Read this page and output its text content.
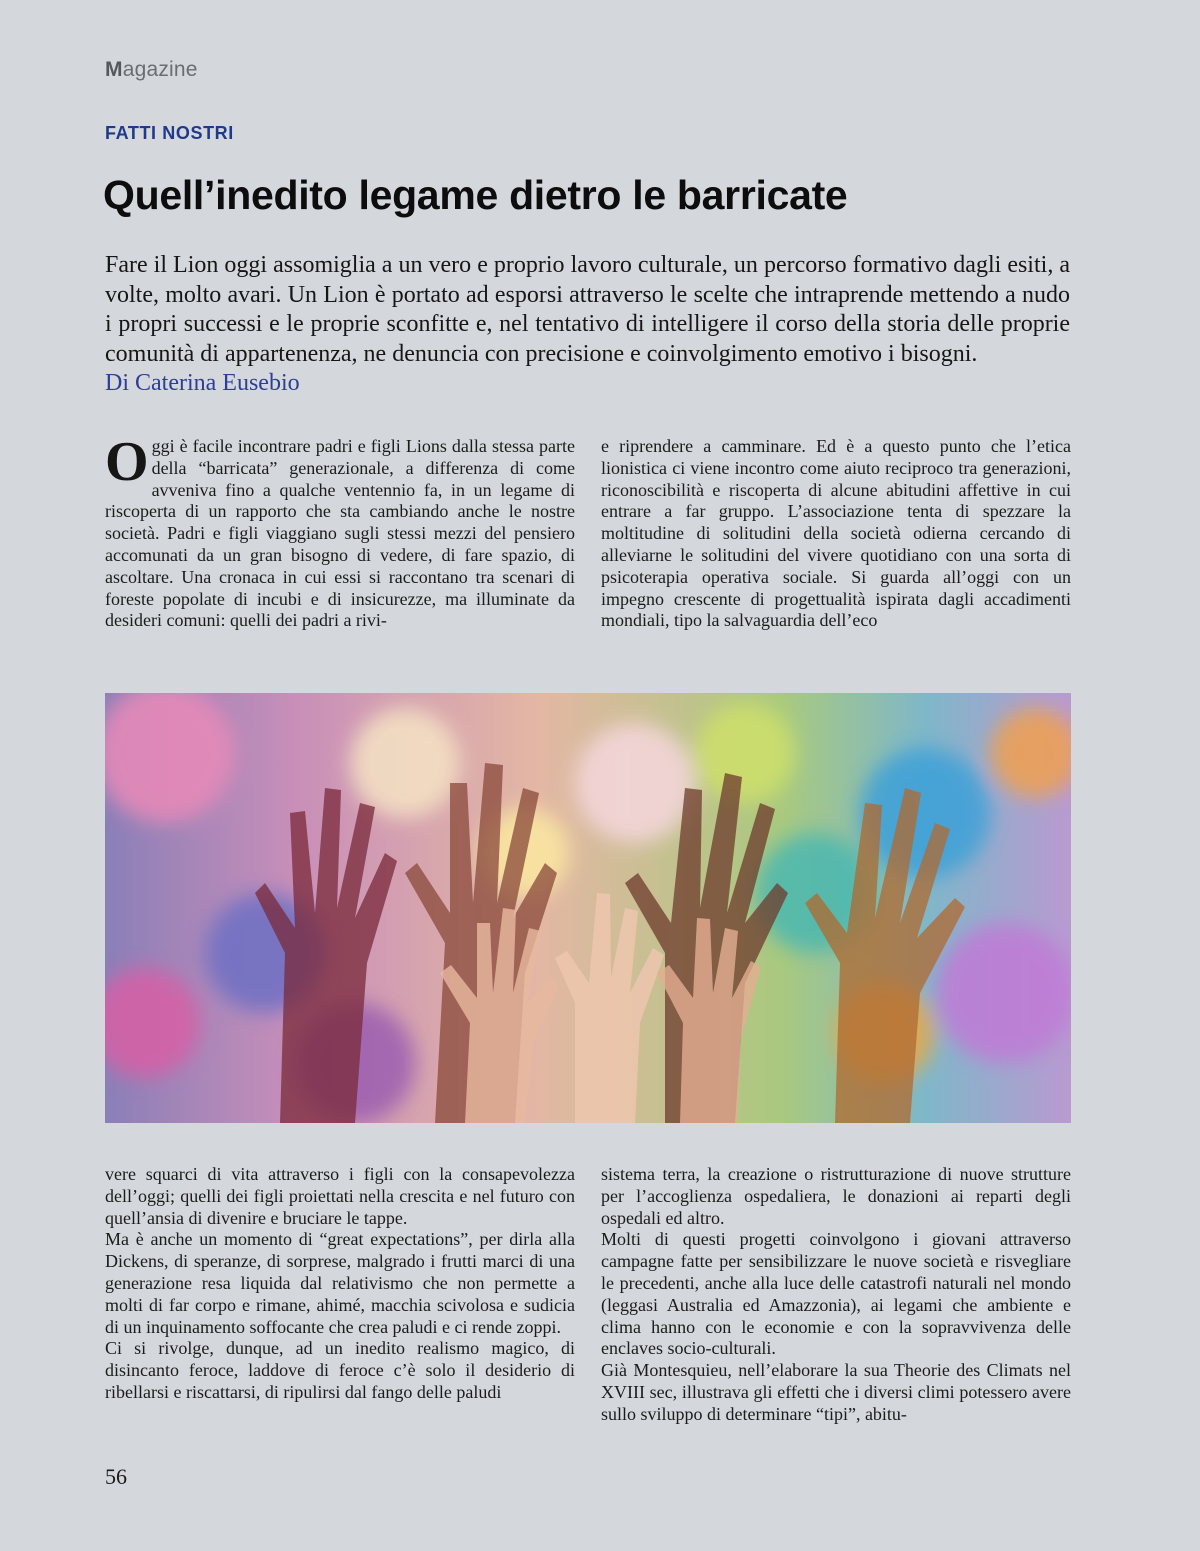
Magazine
FATTI NOSTRI
Quell’inedito legame dietro le barricate
Fare il Lion oggi assomiglia a un vero e proprio lavoro culturale, un percorso formativo dagli esiti, a volte, molto avari. Un Lion è portato ad esporsi attraverso le scelte che intraprende mettendo a nudo i propri successi e le proprie sconfitte e, nel tentativo di intelligere il corso della storia delle proprie comunità di appartenenza, ne denuncia con precisione e coinvolgimento emotivo i bisogni.
Di Caterina Eusebio
O ggi è facile incontrare padri e figli Lions dalla stessa parte della “barricata” generazionale, a differenza di come avveniva fino a qualche ventennio fa, in un legame di riscoperta di un rapporto che sta cambiando anche le nostre società. Padri e figli viaggiano sugli stessi mezzi del pensiero accomunati da un gran bisogno di vedere, di fare spazio, di ascoltare. Una cronaca in cui essi si raccontano tra scenari di foreste popolate di incubi e di insicurezze, ma illuminate da desideri comuni: quelli dei padri a rivi-

e riprendere a camminare. Ed è a questo punto che l’etica lionistica ci viene incontro come aiuto reciproco tra generazioni, riconoscibilità e riscoperta di alcune abitudini affettive in cui entrare a far gruppo. L’associazione tenta di spezzare la moltitudine di solitudini della società odierna cercando di alleviarne le solitudini del vivere quotidiano con una sorta di psicoterapia operativa sociale. Si guarda all’oggi con un impegno crescente di progettualità ispirata dagli accadimenti mondiali, tipo la salvaguardia dell’eco

vere squarci di vita attraverso i figli con la consapevolezza dell’oggi; quelli dei figli proiettati nella crescita e nel futuro con quell’ansia di divenire e bruciare le tappe.

Ma è anche un momento di “great expectations”, per dirla alla Dickens, di speranze, di sorprese, malgrado i frutti marci di una generazione resa liquida dal relativismo che non permette a molti di far corpo e rimane, ahimé, macchia scivolosa e sudicia di un inquinamento soffocante che crea paludi e ci rende zoppi.

Ci si rivolge, dunque, ad un inedito realismo magico, di disincanto feroce, laddove di feroce c’è solo il desiderio di ribellarsi e riscattarsi, di ripulirsi dal fango delle paludi

sistema terra, la creazione o ristrutturazione di nuove strutture per l’accoglienza ospedaliera, le donazioni ai reparti degli ospedali ed altro.

Molti di questi progetti coinvolgono i giovani attraverso campagne fatte per sensibilizzare le nuove società e risvegliare le precedenti, anche alla luce delle catastrofi naturali nel mondo (leggasi Australia ed Amazzonia), ai legami che ambiente e clima hanno con le economie e con la sopravvivenza delle enclaves socio-culturali.

Già Montesquieu, nell’elaborare la sua Theorie des Climats nel XVIII sec, illustrava gli effetti che i diversi climi potessero avere sullo sviluppo di determinare “tipi”, abitu-

56
